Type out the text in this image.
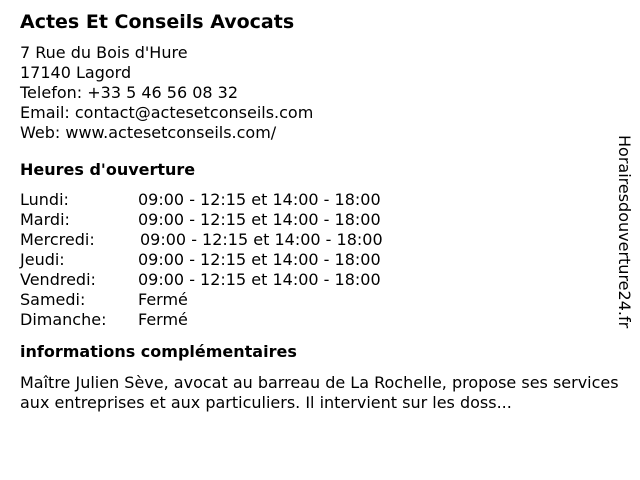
Actes Et Conseils Avocats
7 Rue du Bois d'Hure
17140 Lagord
Telefon: +33 5 46 56 08 32
Email: contact@actesetconseils.com
Web: www.actesetconseils.com/
Heures d'ouverture
Lundi:	09:00 - 12:15 et 14:00 - 18:00
Mardi:	09:00 - 12:15 et 14:00 - 18:00
Mercredi:	09:00 - 12:15 et 14:00 - 18:00
Jeudi:	09:00 - 12:15 et 14:00 - 18:00
Vendredi:	09:00 - 12:15 et 14:00 - 18:00
Samedi:	Fermé
Dimanche:	Fermé
informations complémentaires
Maître Julien Sève, avocat au barreau de La Rochelle, propose ses services aux entreprises et aux particuliers. Il intervient sur les doss...
Horairesdouverture24.fr
